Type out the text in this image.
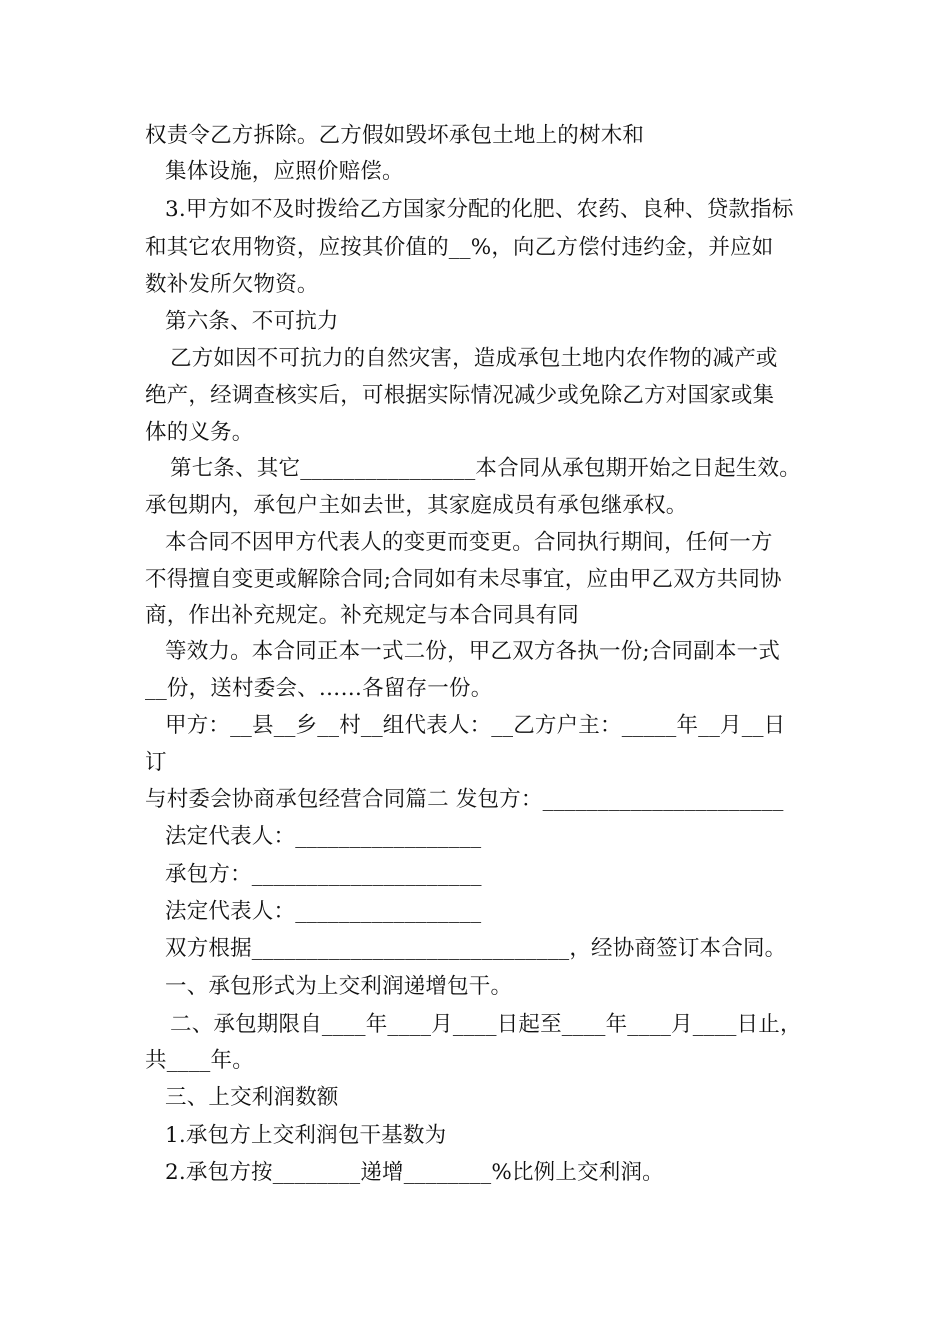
权责令乙方拆除。乙方假如毁坏承包土地上的树木和
集体设施，应照价赔偿。
3.甲方如不及时拨给乙方国家分配的化肥、农药、良种、贷款指标
和其它农用物资，应按其价值的__%，向乙方偿付违约金，并应如
数补发所欠物资。
第六条、不可抗力
乙方如因不可抗力的自然灾害，造成承包土地内农作物的减产或
绝产，经调查核实后，可根据实际情况减少或免除乙方对国家或集
体的义务。
第七条、其它________________本合同从承包期开始之日起生效。
承包期内，承包户主如去世，其家庭成员有承包继承权。
本合同不因甲方代表人的变更而变更。合同执行期间，任何一方
不得擅自变更或解除合同;合同如有未尽事宜，应由甲乙双方共同协
商，作出补充规定。补充规定与本合同具有同
等效力。本合同正本一式二份，甲乙双方各执一份;合同副本一式
__份，送村委会、……各留存一份。
甲方：__县__乡__村__组代表人：__乙方户主：_____年__月__日
订
与村委会协商承包经营合同篇二 发包方：______________________
法定代表人：_________________
承包方：_____________________
法定代表人：_________________
双方根据_____________________________，经协商签订本合同。
一、承包形式为上交利润递增包干。
二、承包期限自____年____月____日起至____年____月____日止，
共____年。
三、上交利润数额
1.承包方上交利润包干基数为
2.承包方按________递增________%比例上交利润。
